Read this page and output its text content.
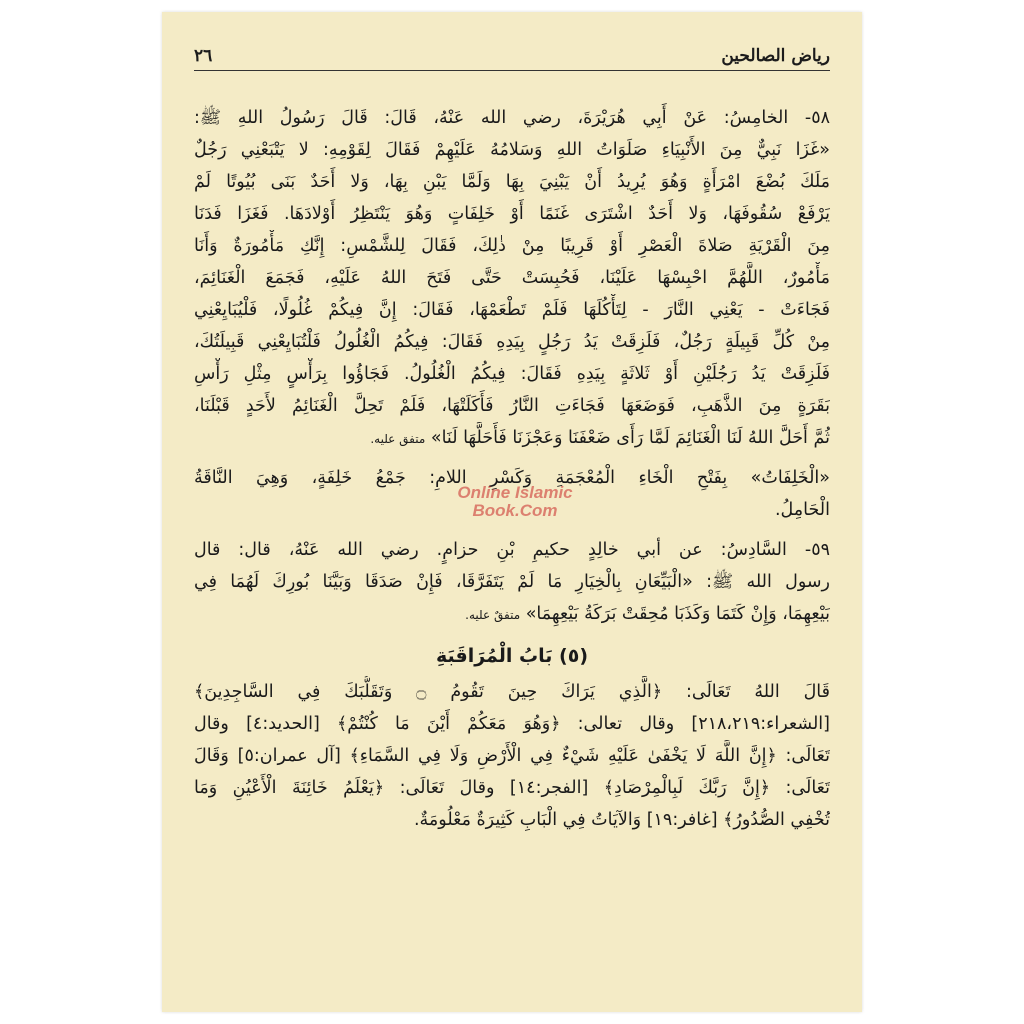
رياض الصالحين
٢٦
٥٨- الخامِسُ: عَنْ أَبِي هُرَيْرَةَ، رضي الله عَنْهُ، قَالَ: قَالَ رَسُولُ اللهِ ﷺ:
«غَزَا نَبِيٌّ مِنَ الأَنْبِيَاءِ صَلَوَاتُ اللهِ وَسَلامُهُ عَلَيْهِمْ فَقَالَ لِقَوْمِهِ: لا يَتْبَعْنِي رَجُلٌ
مَلَكَ بُضْعَ امْرَأَةٍ وَهُوَ يُرِيدُ أَنْ يَبْنِيَ بِهَا وَلَمَّا يَبْنِ بِهَا، وَلا أَحَدٌ بَنَى بُيُوتًا لَمْ
يَرْفَعْ سُقُوفَهَا، وَلا أَحَدٌ اشْتَرَى غَنَمًا أَوْ خَلِفَاتٍ وَهُوَ يَنْتَظِرُ أَوْلادَهَا. فَغَزَا فَدَنَا
مِنَ الْقَرْيَةِ صَلاةَ الْعَصْرِ أَوْ قَرِيبًا مِنْ ذٰلِكَ، فَقَالَ لِلشَّمْسِ: إِنَّكِ مَأْمُورَةٌ وَأَنَا
مَأْمُورٌ، اللَّهُمَّ احْبِسْهَا عَلَيْنَا، فَحُبِسَتْ حَتَّى فَتَحَ اللهُ عَلَيْهِ، فَجَمَعَ الْغَنَائِمَ،
فَجَاءَتْ - يَعْنِي النَّارَ - لِتَأْكُلَهَا فَلَمْ تَطْعَمْهَا، فَقَالَ: إِنَّ فِيكُمْ غُلُولًا، فَلْيُبَايِعْنِي
مِنْ كُلِّ قَبِيلَةٍ رَجُلٌ، فَلَزِقَتْ يَدُ رَجُلٍ بِيَدِهِ فَقَالَ: فِيكُمُ الْغُلُولُ فَلْتُبَايِعْنِي قَبِيلَتُكَ،
فَلَزِقَتْ يَدُ رَجُلَيْنِ أَوْ ثَلاثَةٍ بِيَدِهِ فَقَالَ: فِيكُمُ الْغُلُولُ. فَجَاؤُوا بِرَأْسٍ مِثْلِ رَأْسِ
بَقَرَةٍ مِنَ الذَّهَبِ، فَوَضَعَهَا فَجَاءَتِ النَّارُ فَأَكَلَتْهَا، فَلَمْ تَحِلَّ الْغَنَائِمُ لأَحَدٍ قَبْلَنَا،
ثُمَّ أَحَلَّ اللهُ لَنَا الْغَنَائِمَ لَمَّا رَأَى ضَعْفَنَا وَعَجْزَنَا فَأَحَلَّهَا لَنَا» متفق عليه.
«الْخَلِفَاتُ» بِفَتْحِ الْخَاءِ الْمُعْجَمَةِ وَكَسْرِ اللامِ: جَمْعُ خَلِفَةٍ، وَهِيَ النَّاقَةُ
الْحَامِلُ.
٥٩- السَّادِسُ: عن أبي خالِدٍ حكيمِ بْنِ حزامٍ. رضي الله عَنْهُ، قال: قال
رسول الله ﷺ: «الْبَيِّعَانِ بِالْخِيَارِ مَا لَمْ يَتَفَرَّقَا، فَإِنْ صَدَقَا وَبَيَّنَا بُورِكَ لَهُمَا فِي
بَيْعِهِمَا، وَإِنْ كَتَمَا وَكَذَبَا مُحِقَتْ بَرَكَةُ بَيْعِهِمَا» متفقٌ عليه.
(٥) بَابُ الْمُرَاقَبَةِ
قَالَ اللهُ تَعَالَى: ﴿الَّذِي يَرَاكَ حِينَ تَقُومُ ۝ وَتَقَلُّبَكَ فِي السَّاجِدِينَ﴾
[الشعراء:٢١٨،٢١٩] وقال تعالى: ﴿وَهُوَ مَعَكُمْ أَيْنَ مَا كُنْتُمْ﴾ [الحديد:٤] وقال
تَعَالَى: ﴿إِنَّ اللَّهَ لَا يَخْفَىٰ عَلَيْهِ شَيْءٌ فِي الْأَرْضِ وَلَا فِي السَّمَاءِ﴾ [آل عمران:٥] وَقَالَ
تَعَالَى: ﴿إِنَّ رَبَّكَ لَبِالْمِرْصَادِ﴾ [الفجر:١٤] وقالَ تَعَالَى: ﴿يَعْلَمُ خَائِنَةَ الْأَعْيُنِ وَمَا
تُخْفِي الصُّدُورُ﴾ [غافر:١٩] وَالآيَاتُ فِي الْبَابِ كَثِيرَةٌ مَعْلُومَةٌ.
Online Islamic
Book.Com
